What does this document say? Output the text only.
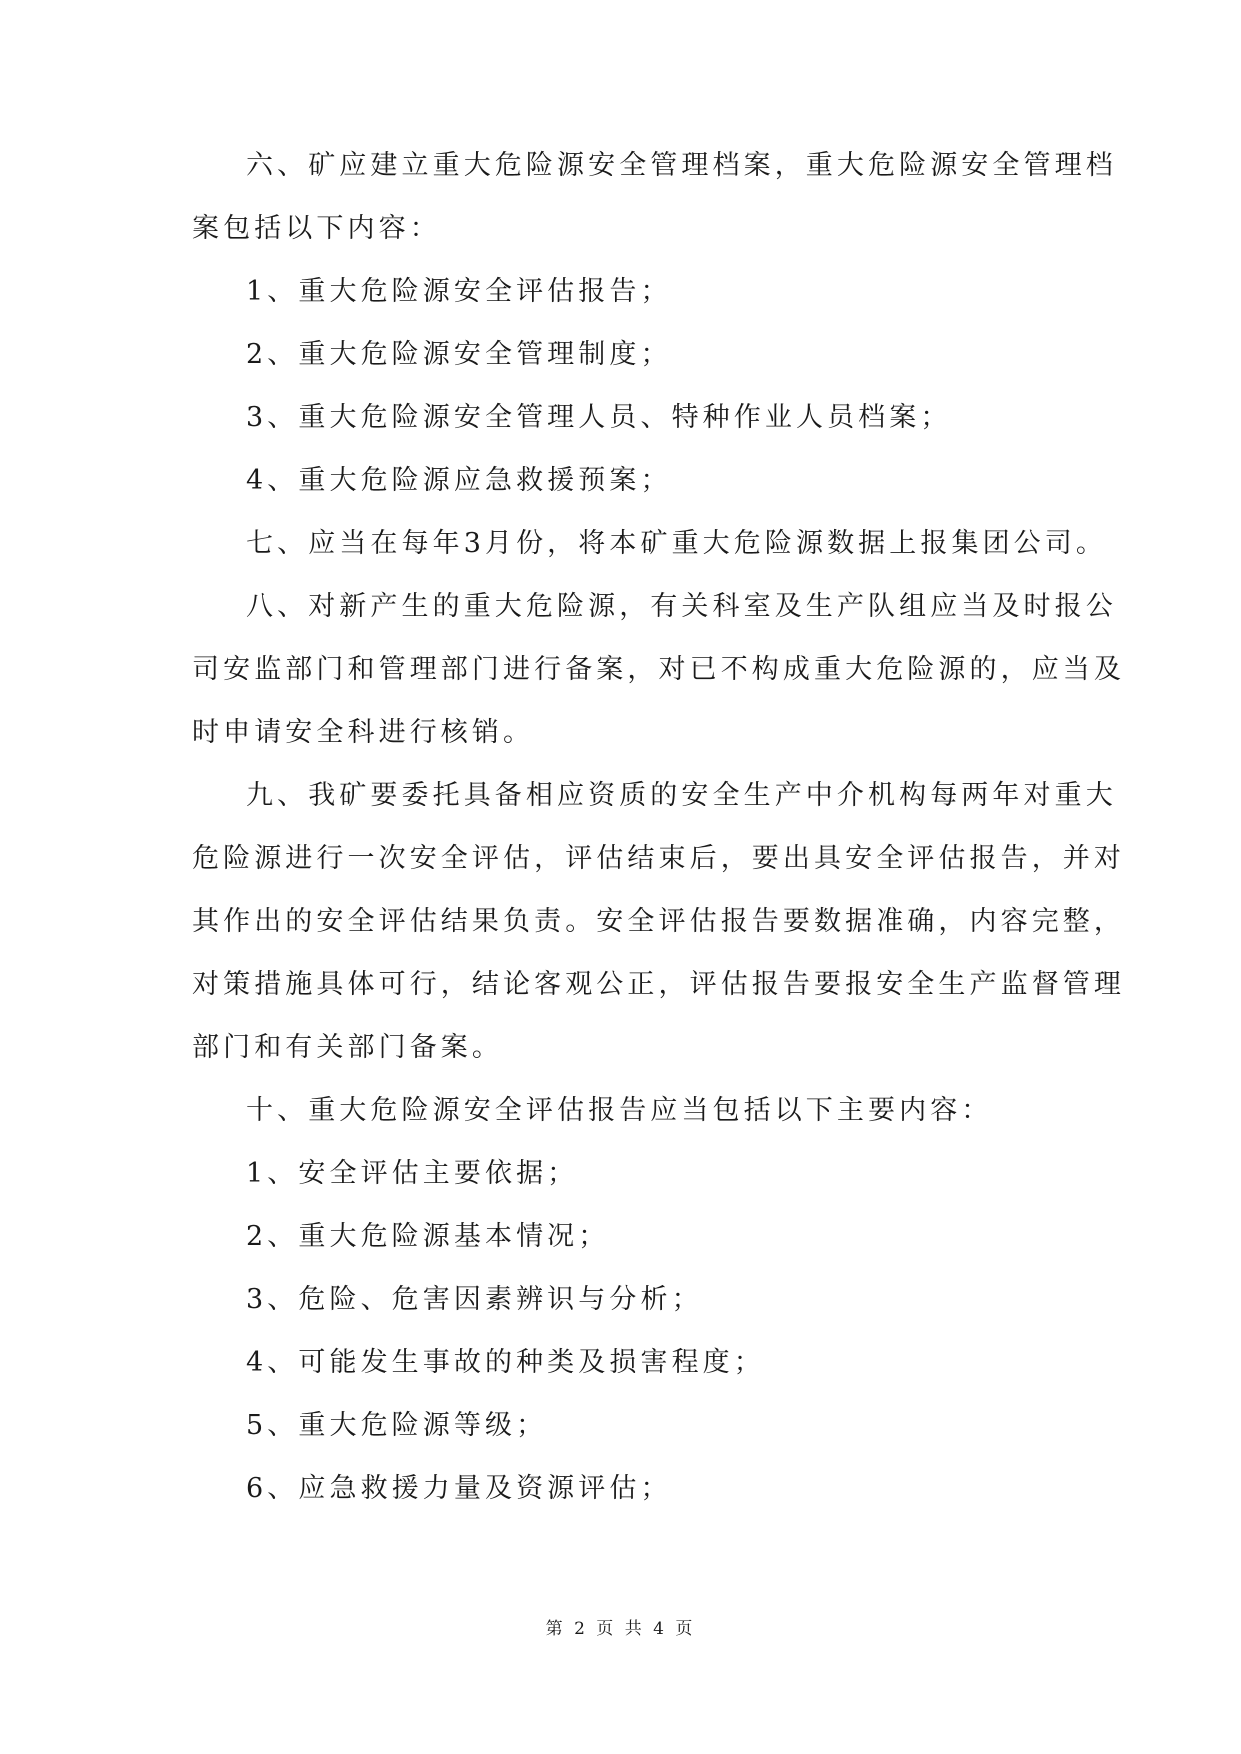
六、矿应建立重大危险源安全管理档案，重大危险源安全管理档
案包括以下内容：
1、重大危险源安全评估报告；
2、重大危险源安全管理制度；
3、重大危险源安全管理人员、特种作业人员档案；
4、重大危险源应急救援预案；
七、应当在每年3月份，将本矿重大危险源数据上报集团公司。
八、对新产生的重大危险源，有关科室及生产队组应当及时报公
司安监部门和管理部门进行备案，对已不构成重大危险源的，应当及
时申请安全科进行核销。
九、我矿要委托具备相应资质的安全生产中介机构每两年对重大
危险源进行一次安全评估，评估结束后，要出具安全评估报告，并对
其作出的安全评估结果负责。安全评估报告要数据准确，内容完整，
对策措施具体可行，结论客观公正，评估报告要报安全生产监督管理
部门和有关部门备案。
十、重大危险源安全评估报告应当包括以下主要内容：
1、安全评估主要依据；
2、重大危险源基本情况；
3、危险、危害因素辨识与分析；
4、可能发生事故的种类及损害程度；
5、重大危险源等级；
6、应急救援力量及资源评估；
第 2 页 共 4 页
